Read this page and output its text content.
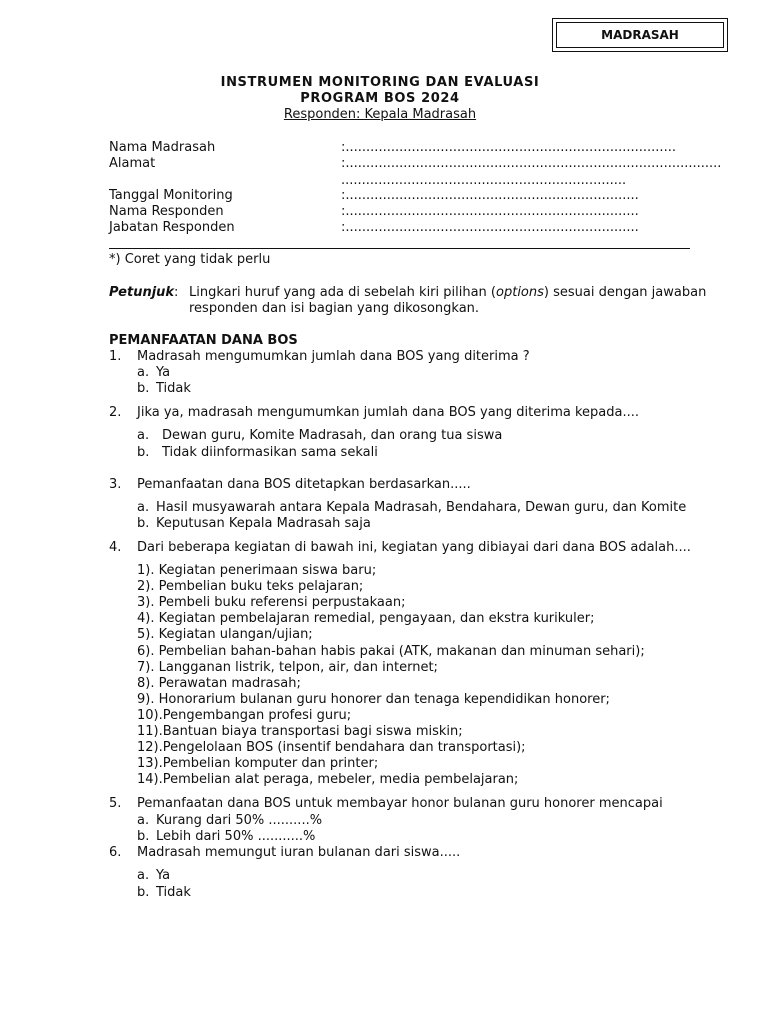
MADRASAH
INSTRUMEN MONITORING DAN EVALUASI
PROGRAM BOS 2024
Responden: Kepala Madrasah
Nama Madrasah	:................................................................................
Alamat	:...........................................................................................
.....................................................................
Tanggal Monitoring	:.......................................................................
Nama Responden	:.......................................................................
Jabatan Responden	:.......................................................................
*) Coret yang tidak perlu
Petunjuk : Lingkari huruf yang ada di sebelah kiri pilihan (options) sesuai dengan jawaban
responden dan isi bagian yang dikosongkan.
PEMANFAATAN DANA BOS
1. Madrasah mengumumkan jumlah dana BOS yang diterima ?
a. Ya
b. Tidak
2. Jika ya, madrasah mengumumkan jumlah dana BOS yang diterima kepada....
a. Dewan guru, Komite Madrasah, dan orang tua siswa
b. Tidak diinformasikan sama sekali
3. Pemanfaatan dana BOS ditetapkan berdasarkan.....
a. Hasil musyawarah antara Kepala Madrasah, Bendahara, Dewan guru, dan Komite
b. Keputusan Kepala Madrasah saja
4. Dari beberapa kegiatan di bawah ini, kegiatan yang dibiayai dari dana BOS adalah....
1). Kegiatan penerimaan siswa baru;
2). Pembelian buku teks pelajaran;
3). Pembeli buku referensi perpustakaan;
4). Kegiatan pembelajaran remedial, pengayaan, dan ekstra kurikuler;
5). Kegiatan ulangan/ujian;
6). Pembelian bahan-bahan habis pakai (ATK, makanan dan minuman sehari);
7). Langganan listrik, telpon, air, dan internet;
8). Perawatan madrasah;
9). Honorarium bulanan guru honorer dan tenaga kependidikan honorer;
10).Pengembangan profesi guru;
11).Bantuan biaya transportasi bagi siswa miskin;
12).Pengelolaan BOS (insentif bendahara dan transportasi);
13).Pembelian komputer dan printer;
14).Pembelian alat peraga, mebeler, media pembelajaran;
5. Pemanfaatan dana BOS untuk membayar honor bulanan guru honorer mencapai
a. Kurang dari 50% ..........%
b. Lebih dari 50% ...........%
6. Madrasah memungut iuran bulanan dari siswa.....
a. Ya
b. Tidak
